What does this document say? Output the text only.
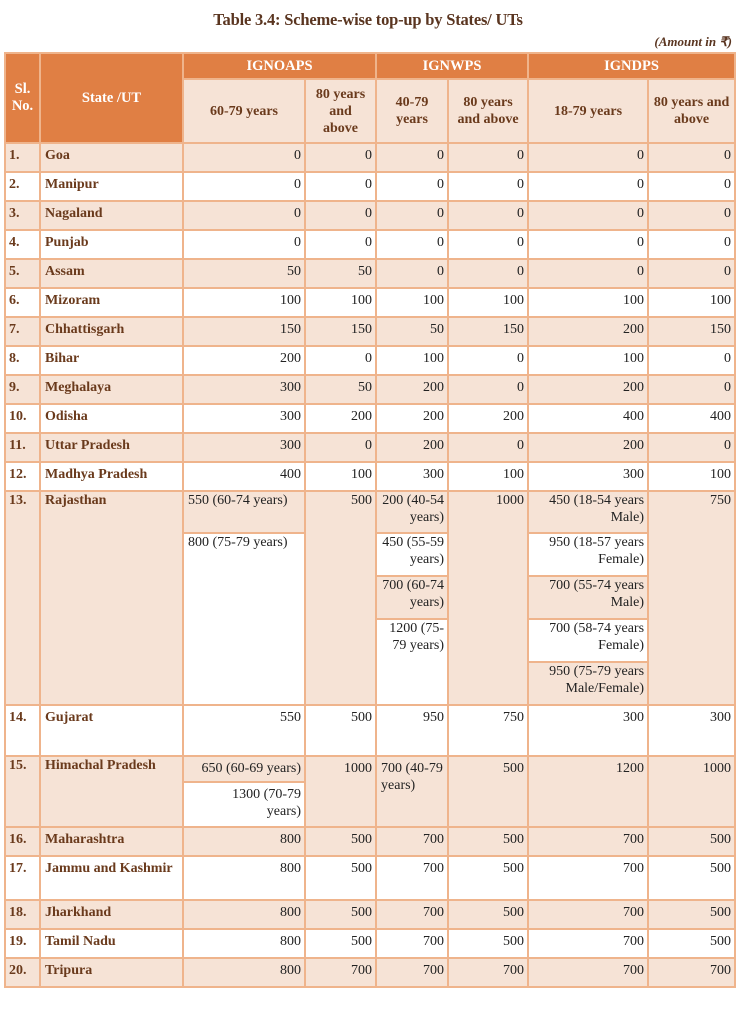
Table 3.4: Scheme-wise top-up by States/ UTs
(Amount in ₹)
Sl. No.	State /UT	IGNOAPS		IGNWPS		IGNDPS	
		60-79 years	80 years and above	40-79 years	80 years and above	18-79 years	80 years and above
1.	Goa	0	0	0	0	0	0
2.	Manipur	0	0	0	0	0	0
3.	Nagaland	0	0	0	0	0	0
4.	Punjab	0	0	0	0	0	0
5.	Assam	50	50	0	0	0	0
6.	Mizoram	100	100	100	100	100	100
7.	Chhattisgarh	150	150	50	150	200	150
8.	Bihar	200	0	100	0	100	0
9.	Meghalaya	300	50	200	0	200	0
10.	Odisha	300	200	200	200	400	400
11.	Uttar Pradesh	300	0	200	0	200	0
12.	Madhya Pradesh	400	100	300	100	300	100
13.	Rajasthan	550 (60-74 years)	500	200 (40-54 years)	1000	450 (18-54 years Male)	750
		800 (75-79 years)		450 (55-59 years)		950 (18-57 years Female)	
				700 (60-74 years)		700 (55-74 years Male)	
				1200 (75-79 years)		700 (58-74 years Female)	
						950 (75-79 years Male/Female)	
14.	Gujarat	550	500	950	750	300	300
15.	Himachal Pradesh	650 (60-69 years)	1000	700 (40-79 years)	500	1200	1000
		1300 (70-79 years)					
16.	Maharashtra	800	500	700	500	700	500
17.	Jammu and Kashmir	800	500	700	500	700	500
18.	Jharkhand	800	500	700	500	700	500
19.	Tamil Nadu	800	500	700	500	700	500
20.	Tripura	800	700	700	700	700	700
